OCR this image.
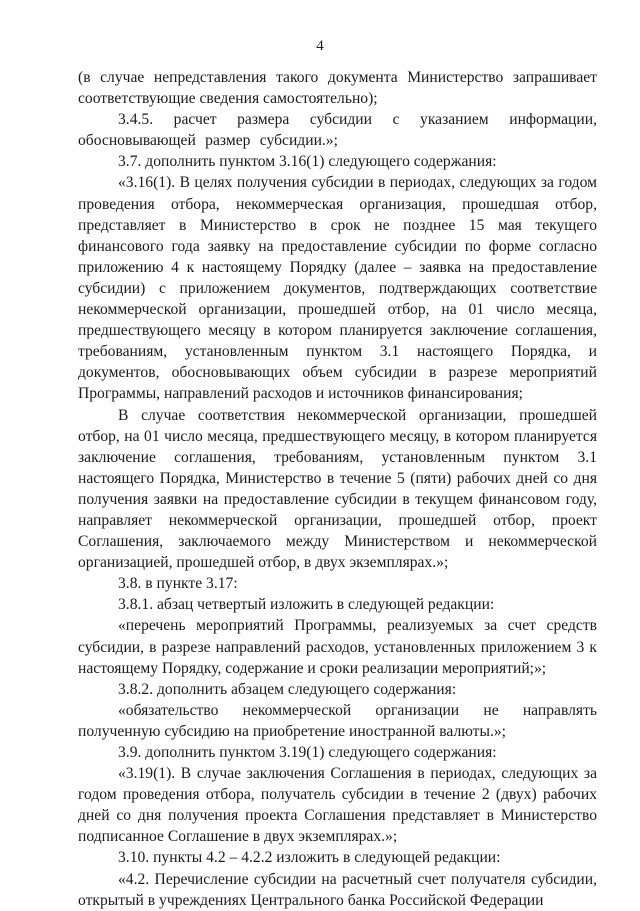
4

(в случае непредставления такого документа Министерство запрашивает соответствующие сведения самостоятельно);

3.4.5. расчет размера субсидии с указанием информации, обосновывающей размер субсидии.»;

3.7. дополнить пунктом 3.16(1) следующего содержания:

«3.16(1). В целях получения субсидии в периодах, следующих за годом проведения отбора, некоммерческая организация, прошедшая отбор, представляет в Министерство в срок не позднее 15 мая текущего финансового года заявку на предоставление субсидии по форме согласно приложению 4 к настоящему Порядку (далее – заявка на предоставление субсидии) с приложением документов, подтверждающих соответствие некоммерческой организации, прошедшей отбор, на 01 число месяца, предшествующего месяцу в котором планируется заключение соглашения, требованиям, установленным пунктом 3.1 настоящего Порядка, и документов, обосновывающих объем субсидии в разрезе мероприятий Программы, направлений расходов и источников финансирования;

В случае соответствия некоммерческой организации, прошедшей отбор, на 01 число месяца, предшествующего месяцу, в котором планируется заключение соглашения, требованиям, установленным пунктом 3.1 настоящего Порядка, Министерство в течение 5 (пяти) рабочих дней со дня получения заявки на предоставление субсидии в текущем финансовом году, направляет некоммерческой организации, прошедшей отбор, проект Соглашения, заключаемого между Министерством и некоммерческой организацией, прошедшей отбор, в двух экземплярах.»;

3.8. в пункте 3.17:

3.8.1. абзац четвертый изложить в следующей редакции:

«перечень мероприятий Программы, реализуемых за счет средств субсидии, в разрезе направлений расходов, установленных приложением 3 к настоящему Порядку, содержание и сроки реализации мероприятий;»;

3.8.2. дополнить абзацем следующего содержания:

«обязательство некоммерческой организации не направлять полученную субсидию на приобретение иностранной валюты.»;

3.9. дополнить пунктом 3.19(1) следующего содержания:

«3.19(1). В случае заключения Соглашения в периодах, следующих за годом проведения отбора, получатель субсидии в течение 2 (двух) рабочих дней со дня получения проекта Соглашения представляет в Министерство подписанное Соглашение в двух экземплярах.»;

3.10. пункты 4.2 – 4.2.2 изложить в следующей редакции:

«4.2. Перечисление субсидии на расчетный счет получателя субсидии, открытый в учреждениях Центрального банка Российской Федерации
